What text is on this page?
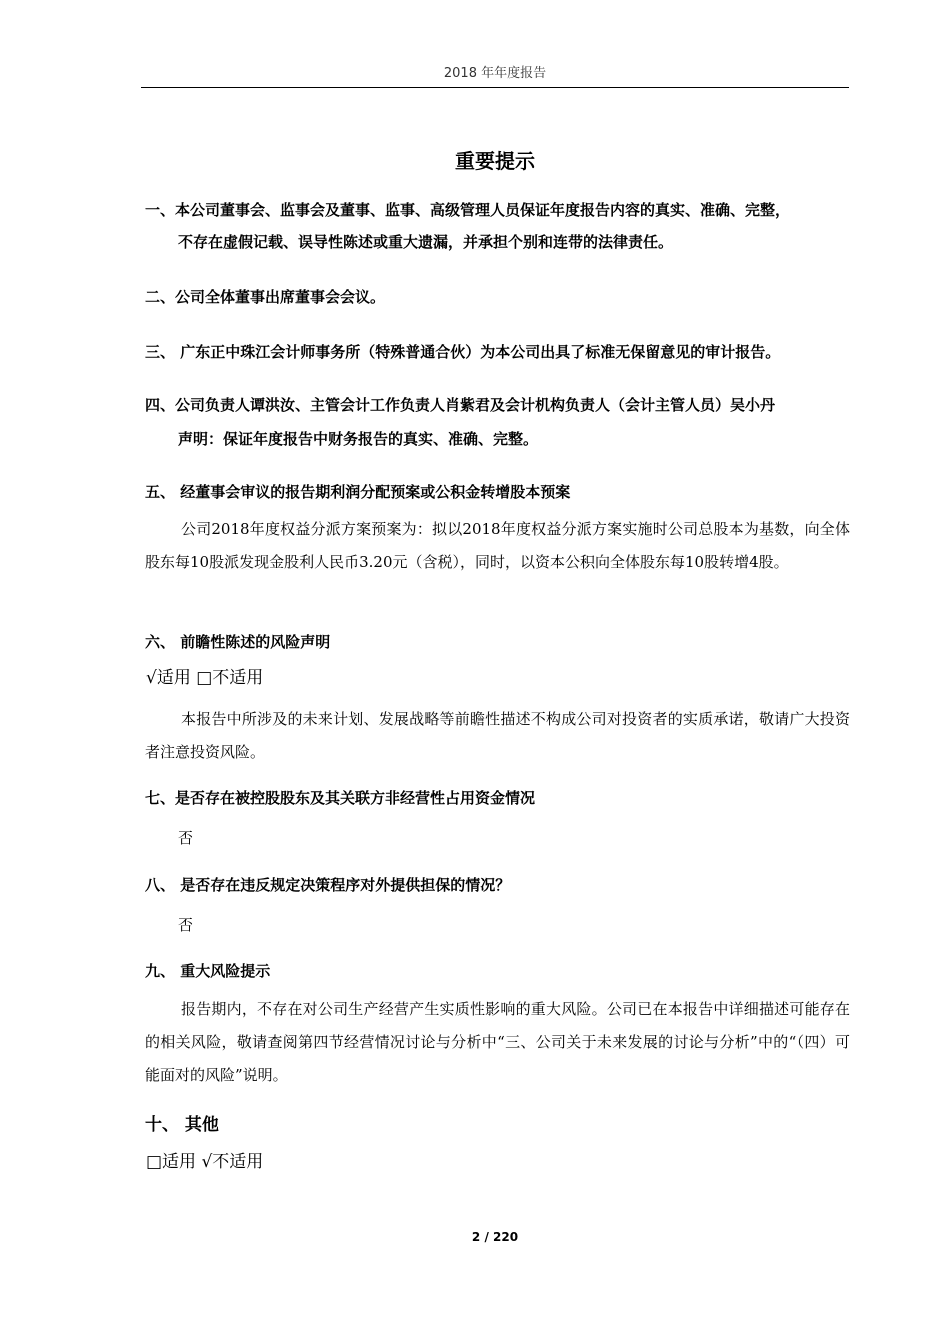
2018 年年度报告
重要提示
一、本公司董事会、监事会及董事、监事、高级管理人员保证年度报告内容的真实、准确、完整，
不存在虚假记载、误导性陈述或重大遗漏，并承担个别和连带的法律责任。
二、公司全体董事出席董事会会议。
三、 广东正中珠江会计师事务所（特殊普通合伙）为本公司出具了标准无保留意见的审计报告。
四、公司负责人谭洪汝、主管会计工作负责人肖紫君及会计机构负责人（会计主管人员）吴小丹
声明：保证年度报告中财务报告的真实、准确、完整。
五、 经董事会审议的报告期利润分配预案或公积金转增股本预案
公司2018年度权益分派方案预案为：拟以2018年度权益分派方案实施时公司总股本为基数，向全体股东每10股派发现金股利人民币3.20元（含税），同时，以资本公积向全体股东每10股转增4股。
六、 前瞻性陈述的风险声明
√适用 □不适用
本报告中所涉及的未来计划、发展战略等前瞻性描述不构成公司对投资者的实质承诺，敬请广大投资者注意投资风险。
七、是否存在被控股股东及其关联方非经营性占用资金情况
否
八、 是否存在违反规定决策程序对外提供担保的情况？
否
九、 重大风险提示
报告期内，不存在对公司生产经营产生实质性影响的重大风险。公司已在本报告中详细描述可能存在的相关风险，敬请查阅第四节经营情况讨论与分析中“三、公司关于未来发展的讨论与分析”中的“（四）可能面对的风险”说明。
十、 其他
□适用 √不适用
2 / 220
